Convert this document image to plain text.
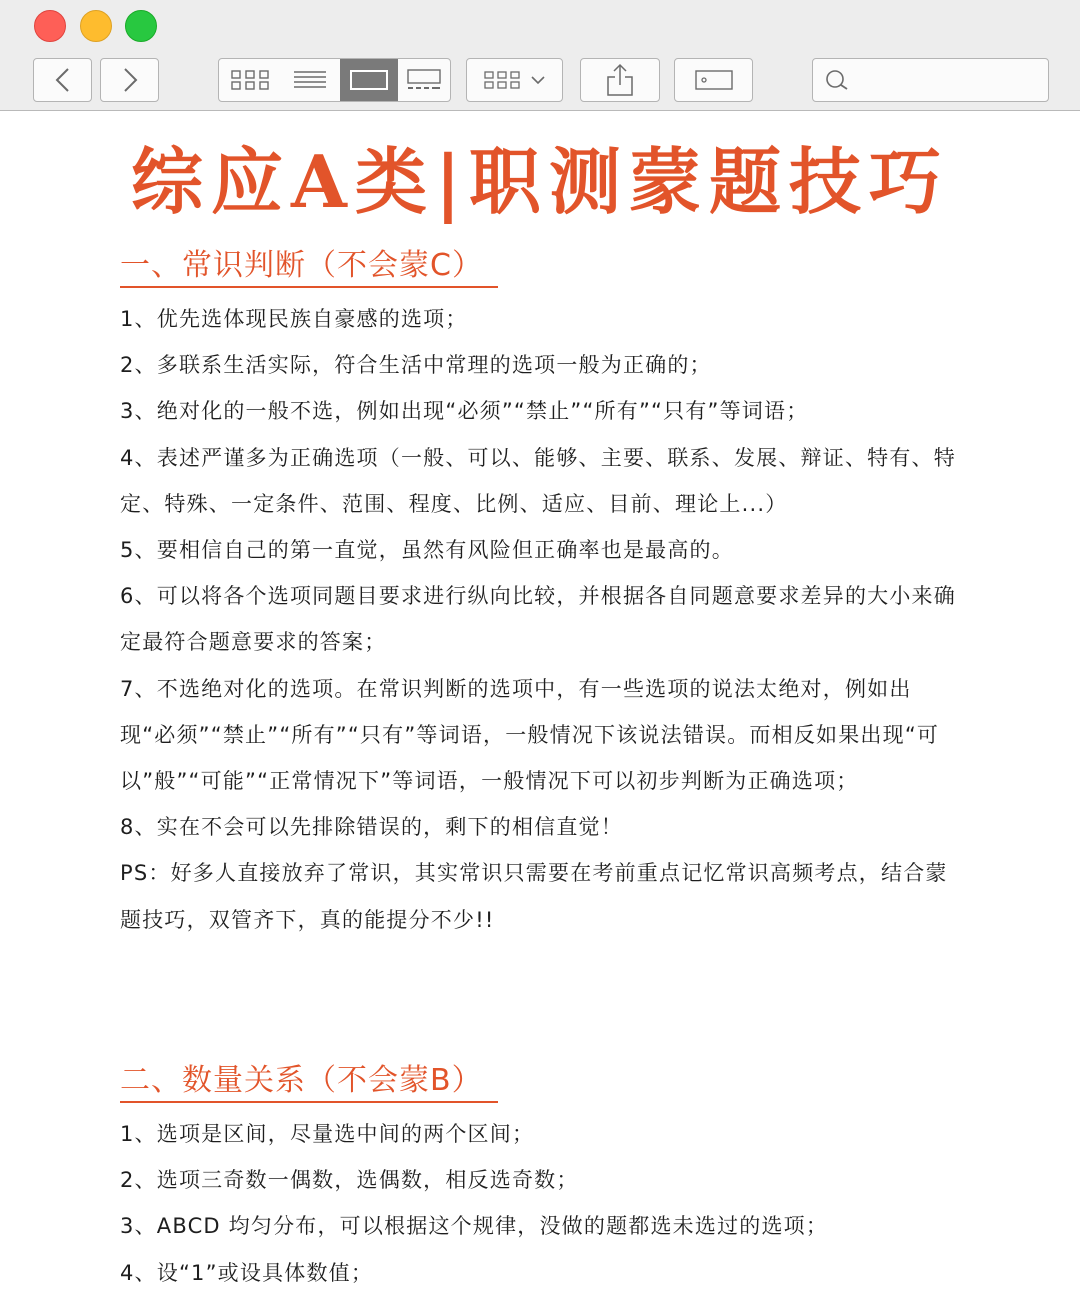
综应A类|职测蒙题技巧
一、常识判断（不会蒙C）
1、优先选体现民族自豪感的选项；
2、多联系生活实际，符合生活中常理的选项一般为正确的；
3、绝对化的一般不选，例如出现“必须”“禁止”“所有”“只有”等词语；
4、表述严谨多为正确选项（一般、可以、能够、主要、联系、发展、辩证、特有、特定、特殊、一定条件、范围、程度、比例、适应、目前、理论上...）
5、要相信自己的第一直觉，虽然有风险但正确率也是最高的。
6、可以将各个选项同题目要求进行纵向比较，并根据各自同题意要求差异的大小来确定最符合题意要求的答案；
7、不选绝对化的选项。在常识判断的选项中，有一些选项的说法太绝对，例如出现“必须”“禁止”“所有”“只有”等词语，一般情况下该说法错误。而相反如果出现“可以”般”“可能”“正常情况下”等词语，一般情况下可以初步判断为正确选项；
8、实在不会可以先排除错误的，剩下的相信直觉！
PS：好多人直接放弃了常识，其实常识只需要在考前重点记忆常识高频考点，结合蒙题技巧，双管齐下，真的能提分不少!!
二、数量关系（不会蒙B）
1、选项是区间，尽量选中间的两个区间；
2、选项三奇数一偶数，选偶数，相反选奇数；
3、ABCD 均匀分布，可以根据这个规律，没做的题都选未选过的选项；
4、设“1”或设具体数值；
